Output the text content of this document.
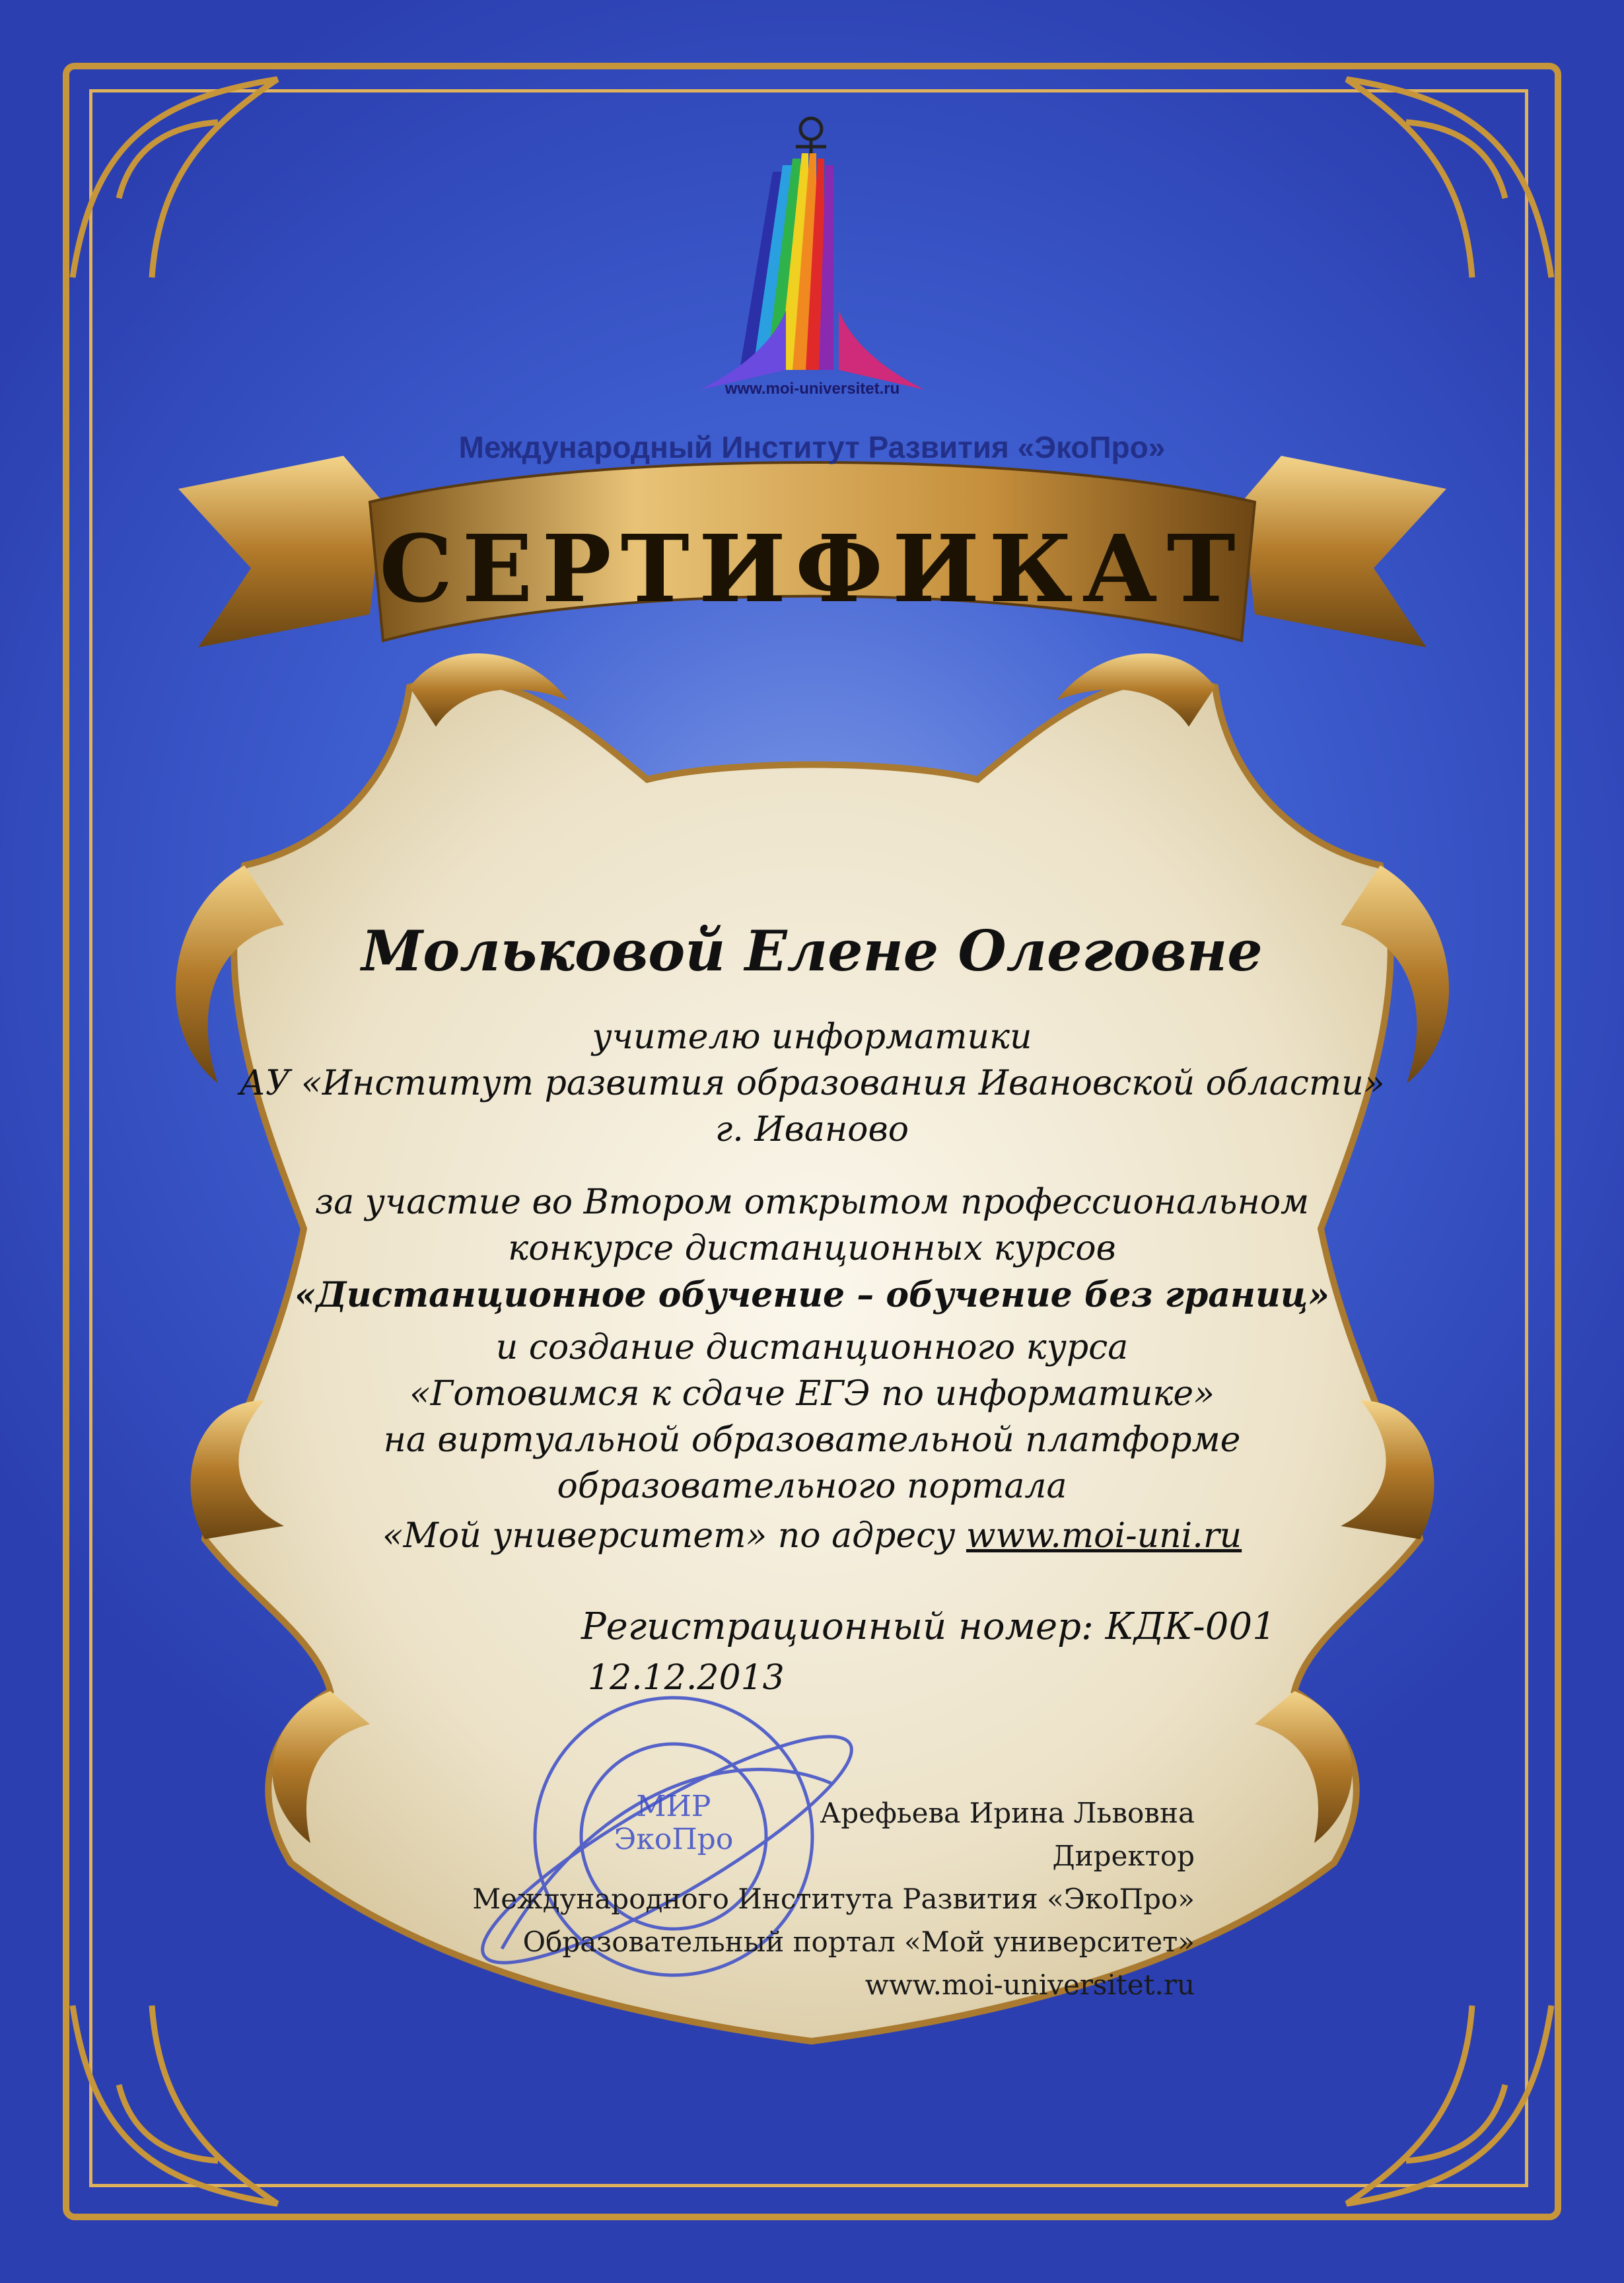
www.moi-universitet.ru
Международный Институт Развития «ЭкоПро»
СЕРТИФИКАТ
Мольковой Елене Олеговне
учителю информатики
АУ «Институт развития образования Ивановской области»
г. Иваново
за участие во Втором открытом профессиональном
конкурсе дистанционных курсов
«Дистанционное обучение – обучение без границ»
и создание дистанционного курса
«Готовимся к сдаче ЕГЭ по информатике»
на виртуальной образовательной платформе
образовательного портала
«Мой университет» по адресу www.moi-uni.ru
Регистрационный номер: КДК-001
12.12.2013
МИР
ЭкоПро
Арефьева Ирина Львовна
Директор
Международного Института Развития «ЭкоПро»
Образовательный портал «Мой университет»
www.moi-universitet.ru
